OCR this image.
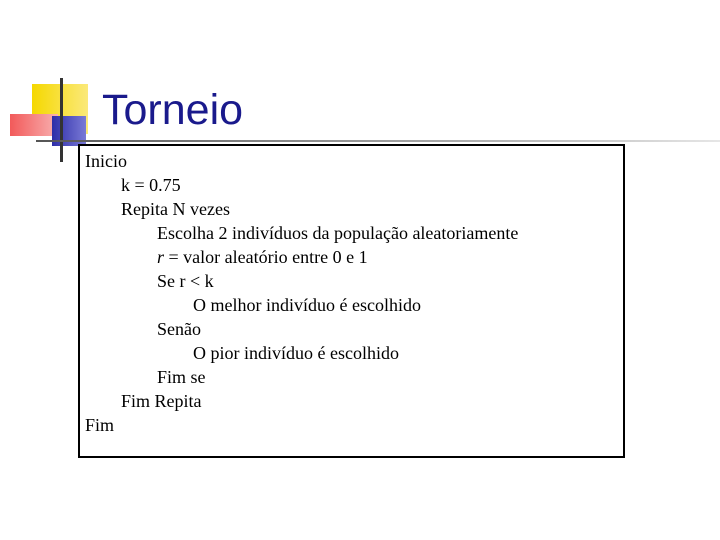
Torneio
Inicio
k = 0.75
Repita N vezes
Escolha 2 indivíduos da população aleatoriamente
r = valor aleatório entre 0 e 1
Se r < k
O melhor indivíduo é escolhido
Senão
O pior indivíduo é escolhido
Fim se
Fim Repita
Fim
